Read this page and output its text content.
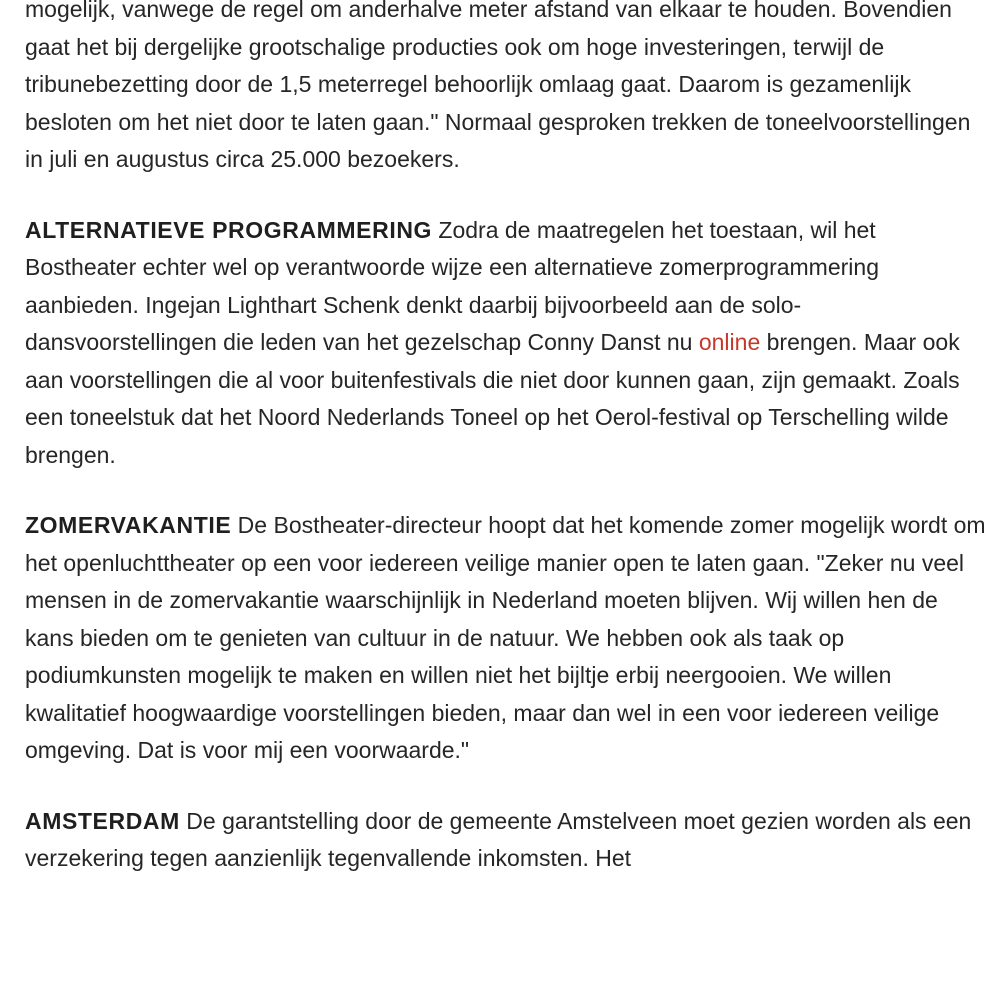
mogelijk, vanwege de regel om anderhalve meter afstand van elkaar te houden. Bovendien gaat het bij dergelijke grootschalige producties ook om hoge investeringen, terwijl de tribunebezetting door de 1,5 meterregel behoorlijk omlaag gaat. Daarom is gezamenlijk besloten om het niet door te laten gaan." Normaal gesproken trekken de toneelvoorstellingen in juli en augustus circa 25.000 bezoekers.

ALTERNATIEVE PROGRAMMERING Zodra de maatregelen het toestaan, wil het Bostheater echter wel op verantwoorde wijze een alternatieve zomerprogrammering aanbieden. Ingejan Lighthart Schenk denkt daarbij bijvoorbeeld aan de solo-dansvoorstellingen die leden van het gezelschap Conny Danst nu online brengen. Maar ook aan voorstellingen die al voor buitenfestivals die niet door kunnen gaan, zijn gemaakt. Zoals een toneelstuk dat het Noord Nederlands Toneel op het Oerol-festival op Terschelling wilde brengen.

ZOMERVAKANTIE De Bostheater-directeur hoopt dat het komende zomer mogelijk wordt om het openluchttheater op een voor iedereen veilige manier open te laten gaan. "Zeker nu veel mensen in de zomervakantie waarschijnlijk in Nederland moeten blijven. Wij willen hen de kans bieden om te genieten van cultuur in de natuur. We hebben ook als taak op podiumkunsten mogelijk te maken en willen niet het bijltje erbij neergooien. We willen kwalitatief hoogwaardige voorstellingen bieden, maar dan wel in een voor iedereen veilige omgeving. Dat is voor mij een voorwaarde."

AMSTERDAM De garantstelling door de gemeente Amstelveen moet gezien worden als een verzekering tegen aanzienlijk tegenvallende inkomsten. Het
